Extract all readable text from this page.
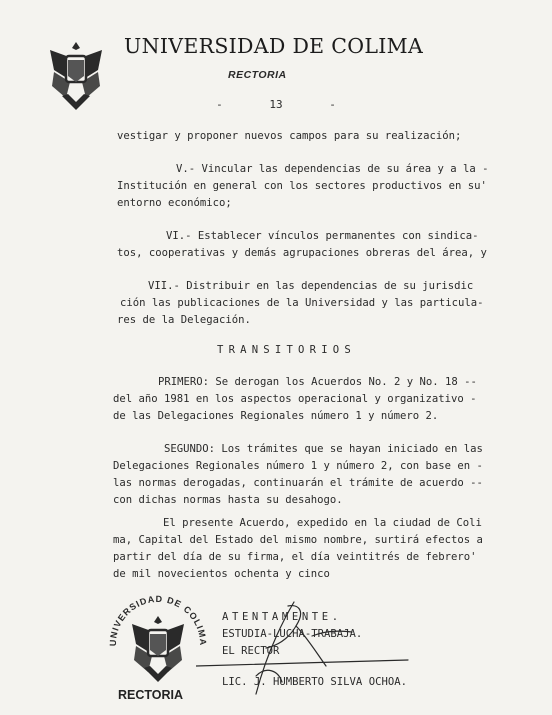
UNIVERSIDAD DE COLIMA
RECTORIA
- 13 -
vestigar y proponer nuevos campos para su realización;
V.- Vincular las dependencias de su área y a la -
Institución en general con los sectores productivos en su'
entorno económico;
VI.- Establecer vínculos permanentes con sindica-
tos, cooperativas y demás agrupaciones obreras del área, y
VII.- Distribuir en las dependencias de su jurisdic
ción las publicaciones de la Universidad y las particula-
res de la Delegación.
TRANSITORIOS
PRIMERO: Se derogan los Acuerdos No. 2 y No. 18 --
del año 1981 en los aspectos operacional y organizativo -
de las Delegaciones Regionales número 1 y número 2.
SEGUNDO: Los trámites que se hayan iniciado en las
Delegaciones Regionales número 1 y número 2, con base en -
las normas derogadas, continuarán el trámite de acuerdo --
con dichas normas hasta su desahogo.
El presente Acuerdo, expedido en la ciudad de Coli
ma, Capital del Estado del mismo nombre, surtirá efectos a
partir del día de su firma, el día veintitrés de febrero'
de mil novecientos ochenta y cinco
UNIVERSIDAD DE COLIMA
RECTORIA
ATENTAMENTE.
ESTUDIA-LUCHA-TRABAJA.
EL RECTOR
LIC. J. HUMBERTO SILVA OCHOA.
